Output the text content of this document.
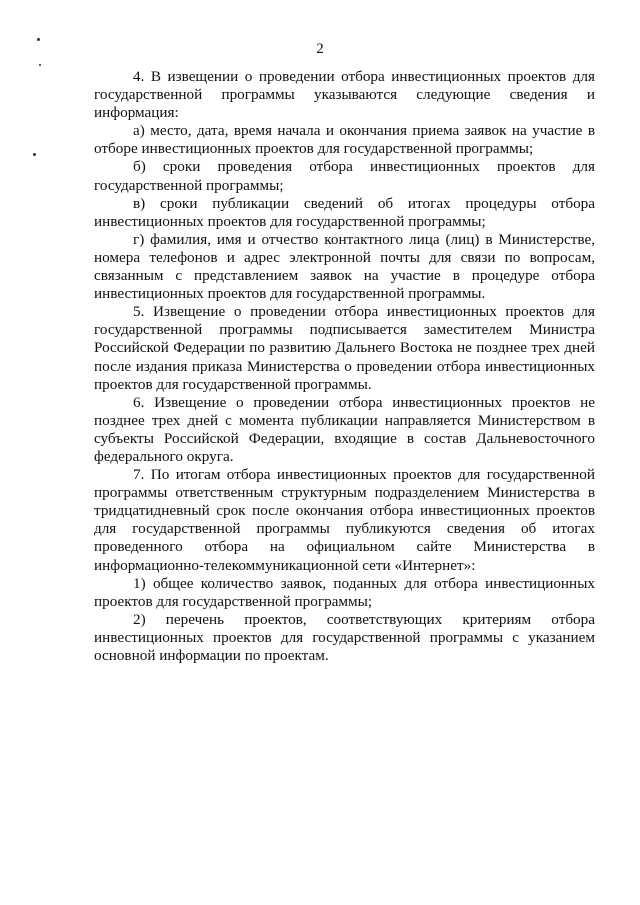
2

4. В извещении о проведении отбора инвестиционных проектов для государственной программы указываются следующие сведения и информация:

а) место, дата, время начала и окончания приема заявок на участие в отборе инвестиционных проектов для государственной программы;

б) сроки проведения отбора инвестиционных проектов для государственной программы;

в) сроки публикации сведений об итогах процедуры отбора инвестиционных проектов для государственной программы;

г) фамилия, имя и отчество контактного лица (лиц) в Министерстве, номера телефонов и адрес электронной почты для связи по вопросам, связанным с представлением заявок на участие в процедуре отбора инвестиционных проектов для государственной программы.

5. Извещение о проведении отбора инвестиционных проектов для государственной программы подписывается заместителем Министра Российской Федерации по развитию Дальнего Востока не позднее трех дней после издания приказа Министерства о проведении отбора инвестиционных проектов для государственной программы.

6. Извещение о проведении отбора инвестиционных проектов не позднее трех дней с момента публикации направляется Министерством в субъекты Российской Федерации, входящие в состав Дальневосточного федерального округа.

7. По итогам отбора инвестиционных проектов для государственной программы ответственным структурным подразделением Министерства в тридцатидневный срок после окончания отбора инвестиционных проектов для государственной программы публикуются сведения об итогах проведенного отбора на официальном сайте Министерства в информационно-телекоммуникационной сети «Интернет»:

1) общее количество заявок, поданных для отбора инвестиционных проектов для государственной программы;

2) перечень проектов, соответствующих критериям отбора инвестиционных проектов для государственной программы с указанием основной информации по проектам.
